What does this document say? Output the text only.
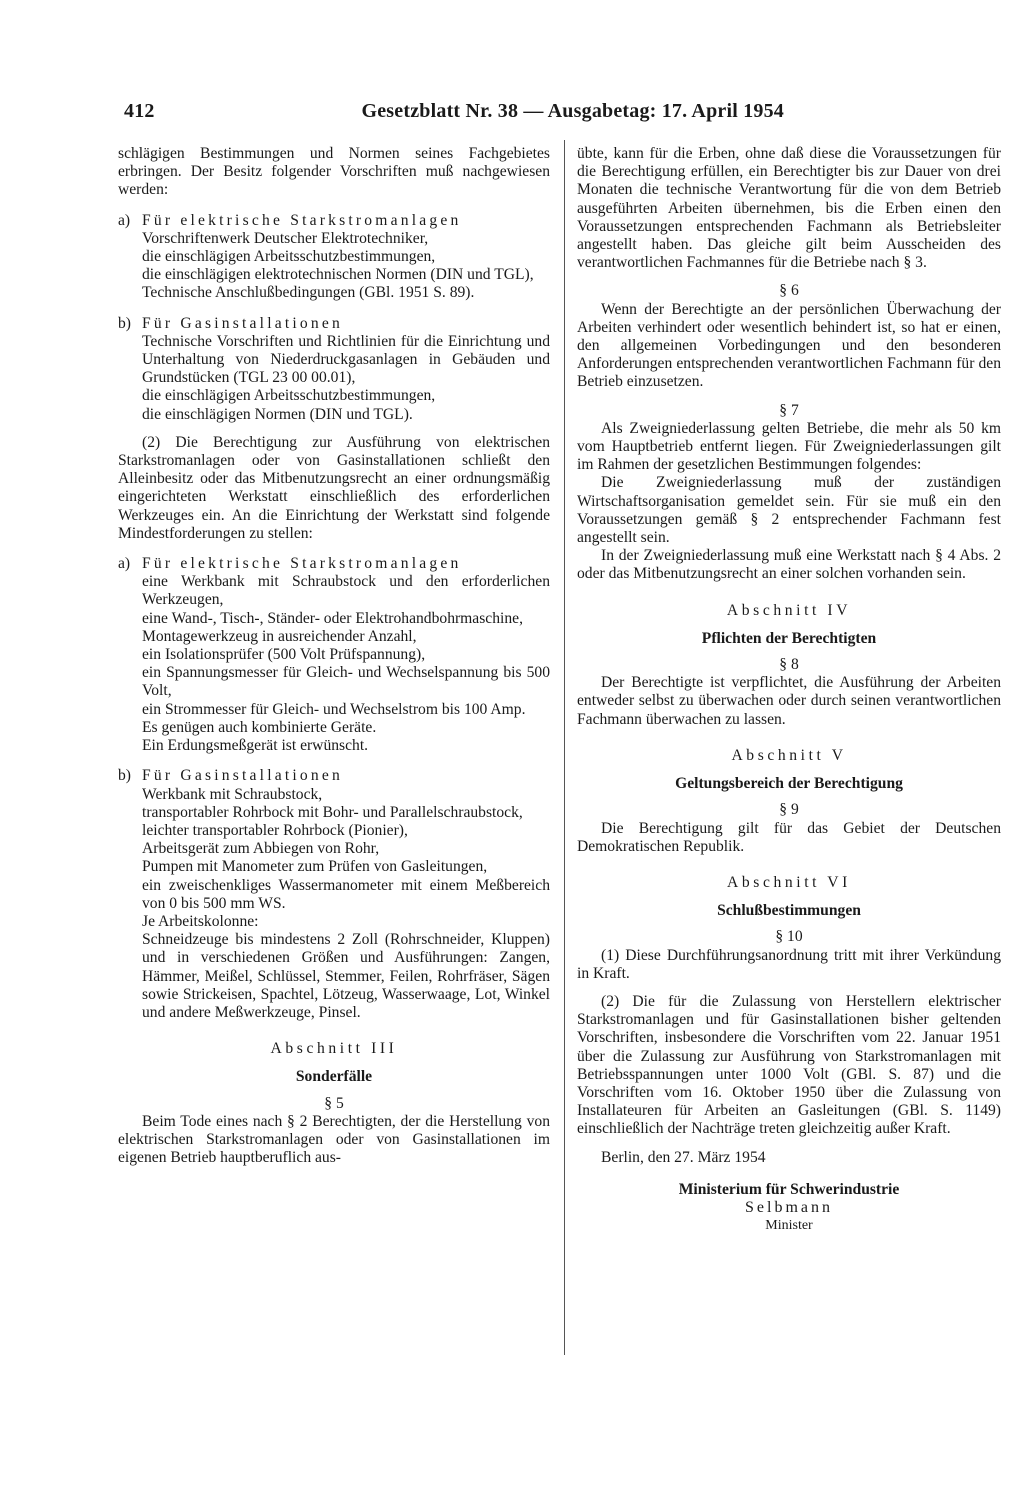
412	Gesetzblatt Nr. 38 — Ausgabetag: 17. April 1954

schlägigen Bestimmungen und Normen seines Fachgebietes erbringen. Der Besitz folgender Vorschriften muß nachgewiesen werden:

a) Für elektrische Starkstromanlagen

Vorschriftenwerk Deutscher Elektrotechniker,

die einschlägigen Arbeitsschutzbestimmungen,

die einschlägigen elektrotechnischen Normen (DIN und TGL),

Technische Anschlußbedingungen (GBl. 1951 S. 89).

b) Für Gasinstallationen

Technische Vorschriften und Richtlinien für die Einrichtung und Unterhaltung von Niederdruckgasanlagen in Gebäuden und Grundstücken (TGL 23 00 00.01),

die einschlägigen Arbeitsschutzbestimmungen,

die einschlägigen Normen (DIN und TGL).

(2) Die Berechtigung zur Ausführung von elektrischen Starkstromanlagen oder von Gasinstallationen schließt den Alleinbesitz oder das Mitbenutzungsrecht an einer ordnungsmäßig eingerichteten Werkstatt einschließlich des erforderlichen Werkzeuges ein. An die Einrichtung der Werkstatt sind folgende Mindestforderungen zu stellen:

a) Für elektrische Starkstromanlagen

eine Werkbank mit Schraubstock und den erforderlichen Werkzeugen,

eine Wand-, Tisch-, Ständer- oder Elektrohandbohrmaschine,

Montagewerkzeug in ausreichender Anzahl,

ein Isolationsprüfer (500 Volt Prüfspannung),

ein Spannungsmesser für Gleich- und Wechselspannung bis 500 Volt,

ein Strommesser für Gleich- und Wechselstrom bis 100 Amp.

Es genügen auch kombinierte Geräte.

Ein Erdungsmeßgerät ist erwünscht.

b) Für Gasinstallationen

Werkbank mit Schraubstock,

transportabler Rohrbock mit Bohr- und Parallelschraubstock,

leichter transportabler Rohrbock (Pionier),

Arbeitsgerät zum Abbiegen von Rohr,

Pumpen mit Manometer zum Prüfen von Gasleitungen,

ein zweischenkliges Wassermanometer mit einem Meßbereich von 0 bis 500 mm WS.

Je Arbeitskolonne:

Schneidzeuge bis mindestens 2 Zoll (Rohrschneider, Kluppen) und in verschiedenen Größen und Ausführungen: Zangen, Hämmer, Meißel, Schlüssel, Stemmer, Feilen, Rohrfräser, Sägen sowie Strickeisen, Spachtel, Lötzeug, Wasserwaage, Lot, Winkel und andere Meßwerkzeuge, Pinsel.

Abschnitt III

Sonderfälle

§ 5

Beim Tode eines nach § 2 Berechtigten, der die Herstellung von elektrischen Starkstromanlagen oder von Gasinstallationen im eigenen Betrieb hauptberuflich aus-

übte, kann für die Erben, ohne daß diese die Voraussetzungen für die Berechtigung erfüllen, ein Berechtigter bis zur Dauer von drei Monaten die technische Verantwortung für die von dem Betrieb ausgeführten Arbeiten übernehmen, bis die Erben einen den Voraussetzungen entsprechenden Fachmann als Betriebsleiter angestellt haben. Das gleiche gilt beim Ausscheiden des verantwortlichen Fachmannes für die Betriebe nach § 3.

§ 6

Wenn der Berechtigte an der persönlichen Überwachung der Arbeiten verhindert oder wesentlich behindert ist, so hat er einen, den allgemeinen Vorbedingungen und den besonderen Anforderungen entsprechenden verantwortlichen Fachmann für den Betrieb einzusetzen.

§ 7

Als Zweigniederlassung gelten Betriebe, die mehr als 50 km vom Hauptbetrieb entfernt liegen. Für Zweigniederlassungen gilt im Rahmen der gesetzlichen Bestimmungen folgendes:

Die Zweigniederlassung muß der zuständigen Wirtschaftsorganisation gemeldet sein. Für sie muß ein den Voraussetzungen gemäß § 2 entsprechender Fachmann fest angestellt sein.

In der Zweigniederlassung muß eine Werkstatt nach § 4 Abs. 2 oder das Mitbenutzungsrecht an einer solchen vorhanden sein.

Abschnitt IV

Pflichten der Berechtigten

§ 8

Der Berechtigte ist verpflichtet, die Ausführung der Arbeiten entweder selbst zu überwachen oder durch seinen verantwortlichen Fachmann überwachen zu lassen.

Abschnitt V

Geltungsbereich der Berechtigung

§ 9

Die Berechtigung gilt für das Gebiet der Deutschen Demokratischen Republik.

Abschnitt VI

Schlußbestimmungen

§ 10

(1) Diese Durchführungsanordnung tritt mit ihrer Verkündung in Kraft.

(2) Die für die Zulassung von Herstellern elektrischer Starkstromanlagen und für Gasinstallationen bisher geltenden Vorschriften, insbesondere die Vorschriften vom 22. Januar 1951 über die Zulassung zur Ausführung von Starkstromanlagen mit Betriebsspannungen unter 1000 Volt (GBl. S. 87) und die Vorschriften vom 16. Oktober 1950 über die Zulassung von Installateuren für Arbeiten an Gasleitungen (GBl. S. 1149) einschließlich der Nachträge treten gleichzeitig außer Kraft.

Berlin, den 27. März 1954

Ministerium für Schwerindustrie

Selbmann

Minister
